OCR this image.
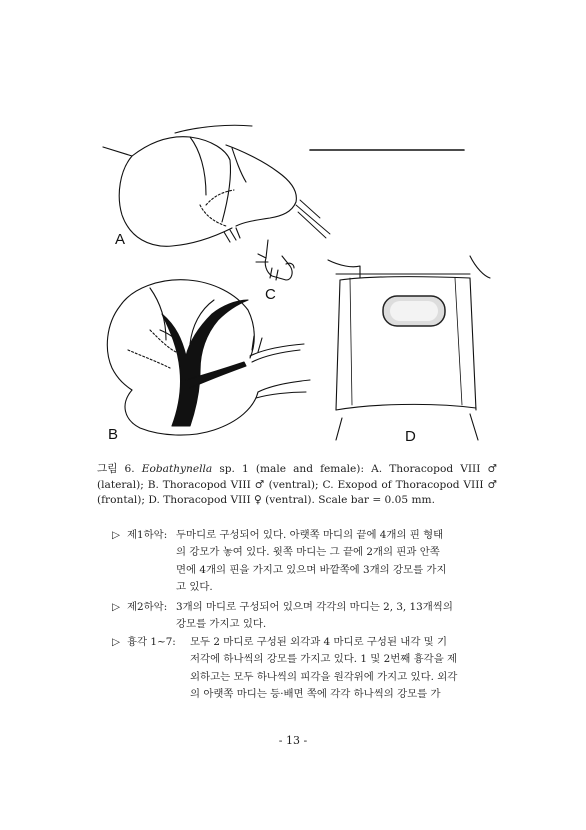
A
B
C
D
그림 6. Eobathynella sp. 1 (male and female): A. Thoracopod VIII ♂ (lateral); B. Thoracopod VIII ♂ (ventral); C. Exopod of Thoracopod VIII ♂ (frontal); D. Thoracopod VIII ♀ (ventral). Scale bar = 0.05 mm.
▷ 제1하악: 두마디로 구성되어 있다. 아랫쪽 마디의 끝에 4개의 핀 형태
의 강모가 놓여 있다. 윗쪽 마디는 그 끝에 2개의 핀과 안쪽
면에 4개의 핀을 가지고 있으며 바깥쪽에 3개의 강모를 가지
고 있다.
▷ 제2하악: 3개의 마디로 구성되어 있으며 각각의 마디는 2, 3, 13개씩의
강모를 가지고 있다.
▷ 흉각 1~7: 모두 2 마디로 구성된 외각과 4 마디로 구성된 내각 및 기
저각에 하나씩의 강모를 가지고 있다. 1 및 2번째 흉각을 제
외하고는 모두 하나씩의 피각을 원각위에 가지고 있다. 외각
의 아랫쪽 마디는 등·배면 쪽에 각각 하나씩의 강모를 가
- 13 -
